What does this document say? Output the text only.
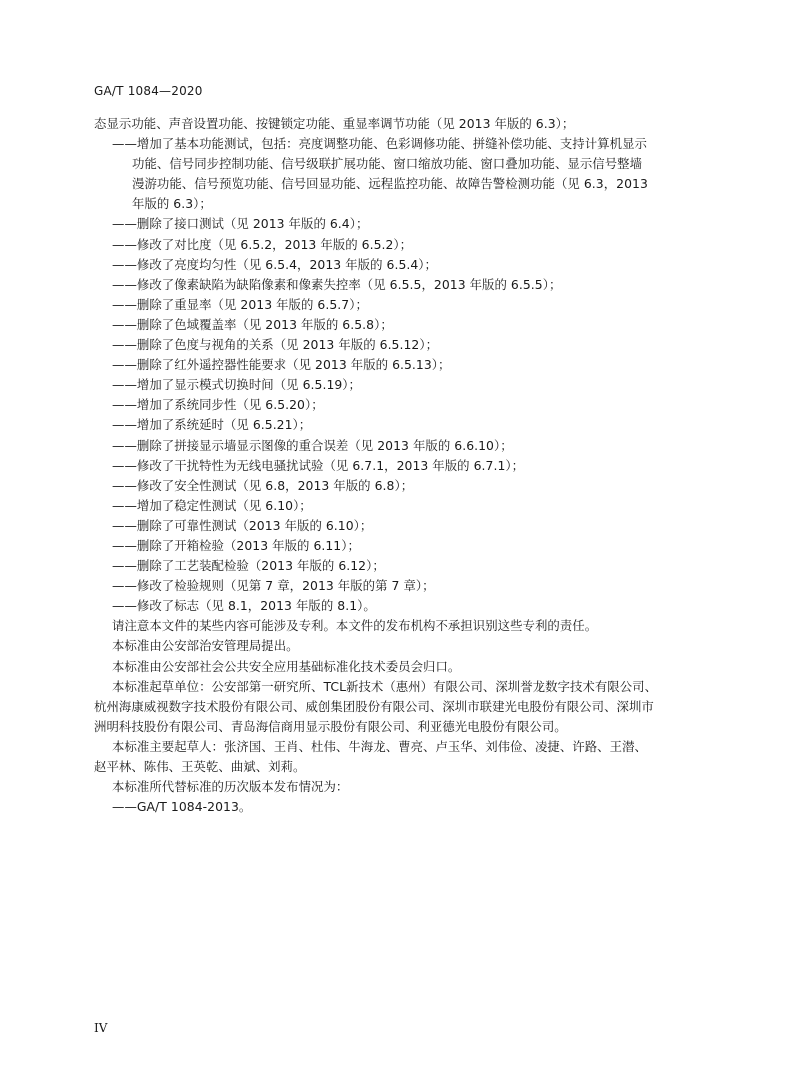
GA/T 1084—2020
态显示功能、声音设置功能、按键锁定功能、重显率调节功能（见 2013 年版的 6.3）；
——增加了基本功能测试，包括：亮度调整功能、色彩调修功能、拼缝补偿功能、支持计算机显示
功能、信号同步控制功能、信号级联扩展功能、窗口缩放功能、窗口叠加功能、显示信号整墙
漫游功能、信号预览功能、信号回显功能、远程监控功能、故障告警检测功能（见 6.3，2013
年版的 6.3）；
——删除了接口测试（见 2013 年版的 6.4）；
——修改了对比度（见 6.5.2，2013 年版的 6.5.2）；
——修改了亮度均匀性（见 6.5.4，2013 年版的 6.5.4）；
——修改了像素缺陷为缺陷像素和像素失控率（见 6.5.5，2013 年版的 6.5.5）；
——删除了重显率（见 2013 年版的 6.5.7）；
——删除了色域覆盖率（见 2013 年版的 6.5.8）；
——删除了色度与视角的关系（见 2013 年版的 6.5.12）；
——删除了红外遥控器性能要求（见 2013 年版的 6.5.13）；
——增加了显示模式切换时间（见 6.5.19）；
——增加了系统同步性（见 6.5.20）；
——增加了系统延时（见 6.5.21）；
——删除了拼接显示墙显示图像的重合误差（见 2013 年版的 6.6.10）；
——修改了干扰特性为无线电骚扰试验（见 6.7.1，2013 年版的 6.7.1）；
——修改了安全性测试（见 6.8，2013 年版的 6.8）；
——增加了稳定性测试（见 6.10）；
——删除了可靠性测试（2013 年版的 6.10）；
——删除了开箱检验（2013 年版的 6.11）；
——删除了工艺装配检验（2013 年版的 6.12）；
——修改了检验规则（见第 7 章，2013 年版的第 7 章）；
——修改了标志（见 8.1，2013 年版的 8.1）。
请注意本文件的某些内容可能涉及专利。本文件的发布机构不承担识别这些专利的责任。
本标准由公安部治安管理局提出。
本标准由公安部社会公共安全应用基础标准化技术委员会归口。
本标准起草单位：公安部第一研究所、TCL新技术（惠州）有限公司、深圳誉龙数字技术有限公司、
杭州海康威视数字技术股份有限公司、威创集团股份有限公司、深圳市联建光电股份有限公司、深圳市
洲明科技股份有限公司、青岛海信商用显示股份有限公司、利亚德光电股份有限公司。
本标准主要起草人：张济国、王肖、杜伟、牛海龙、曹亮、卢玉华、刘伟俭、凌捷、许路、王潜、
赵平林、陈伟、王英乾、曲斌、刘莉。
本标准所代替标准的历次版本发布情况为：
——GA/T 1084-2013。
IV
